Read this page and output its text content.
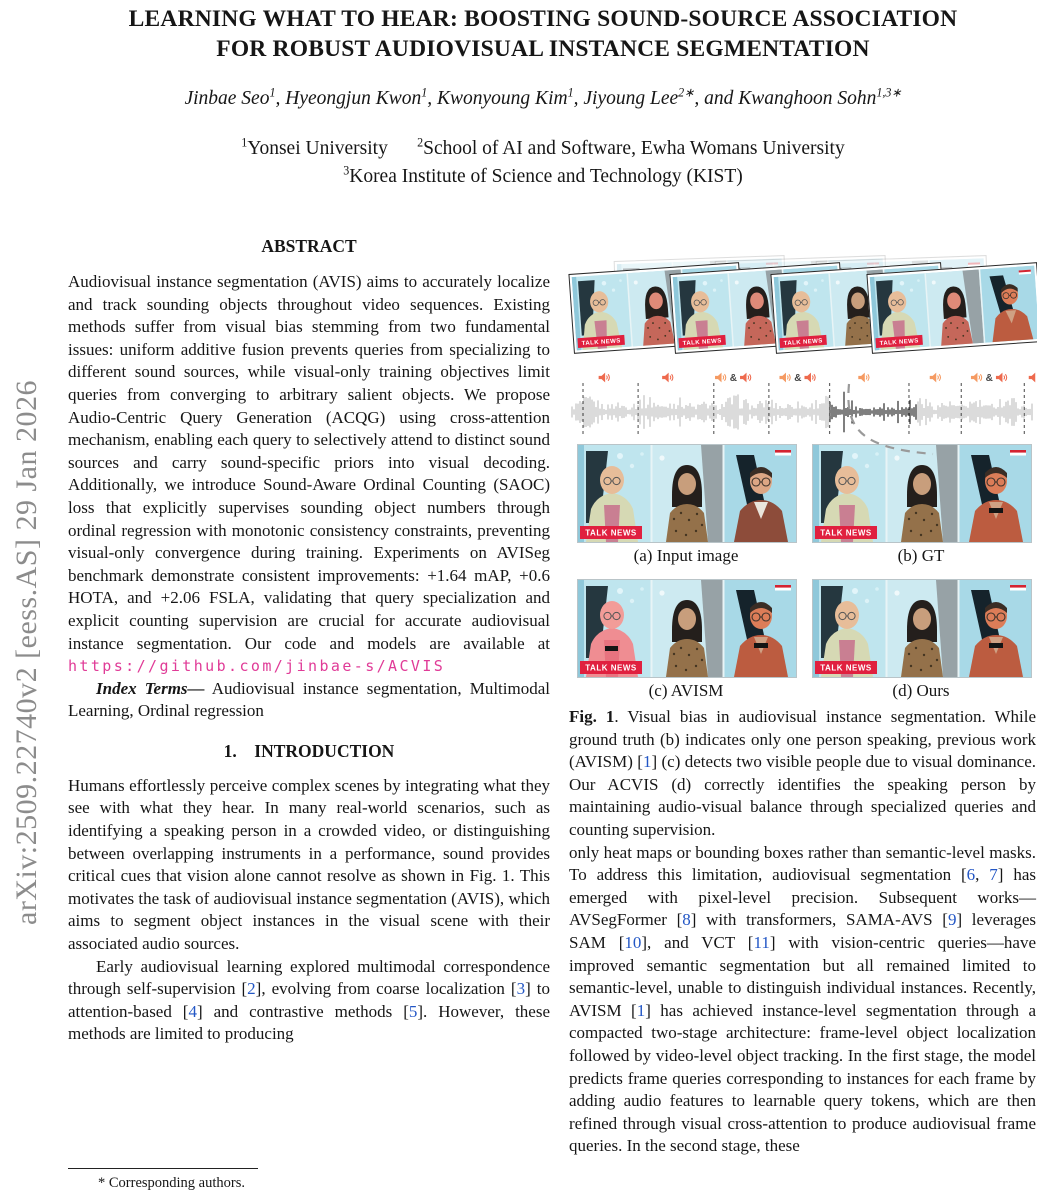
arXiv:2509.22740v2 [eess.AS] 29 Jan 2026
LEARNING WHAT TO HEAR: BOOSTING SOUND-SOURCE ASSOCIATION
FOR ROBUST AUDIOVISUAL INSTANCE SEGMENTATION
Jinbae Seo$^1$, Hyeongjun Kwon$^1$, Kwonyoung Kim$^1$, Jiyoung Lee$^{2∗}$, and Kwanghoon Sohn$^{1,3∗}$
$^1$Yonsei University  $^2$School of AI and Software, Ewha Womans University
$^3$Korea Institute of Science and Technology (KIST)
ABSTRACT

Audiovisual instance segmentation (AVIS) aims to accurately localize and track sounding objects throughout video sequences. Existing methods suffer from visual bias stemming from two fundamental issues: uniform additive fusion prevents queries from specializing to different sound sources, while visual-only training objectives limit queries from converging to arbitrary salient objects. We propose Audio-Centric Query Generation (ACQG) using cross-attention mechanism, enabling each query to selectively attend to distinct sound sources and carry sound-specific priors into visual decoding. Additionally, we introduce Sound-Aware Ordinal Counting (SAOC) loss that explicitly supervises sounding object numbers through ordinal regression with monotonic consistency constraints, preventing visual-only convergence during training. Experiments on AVISeg benchmark demonstrate consistent improvements: +1.64 mAP, +0.6 HOTA, and +2.06 FSLA, validating that query specialization and explicit counting supervision are crucial for accurate audiovisual instance segmentation. Our code and models are available at https://github.com/jinbae-s/ACVIS

Index Terms— Audiovisual instance segmentation, Multimodal Learning, Ordinal regression

1.  INTRODUCTION

Humans effortlessly perceive complex scenes by integrating what they see with what they hear. In many real-world scenarios, such as identifying a speaking person in a crowded video, or distinguishing between overlapping instruments in a performance, sound provides critical cues that vision alone cannot resolve as shown in Fig. 1. This motivates the task of audiovisual instance segmentation (AVIS), which aims to segment object instances in the visual scene with their associated audio sources.

Early audiovisual learning explored multimodal correspondence through self-supervision [2], evolving from coarse localization [3] to attention-based [4] and contrastive methods [5]. However, these methods are limited to producing

&	&	&
(a) Input image	(b) GT
(c) AVISM	(d) Ours

Fig. 1. Visual bias in audiovisual instance segmentation. While ground truth (b) indicates only one person speaking, previous work (AVISM) [1] (c) detects two visible people due to visual dominance. Our ACVIS (d) correctly identifies the speaking person by maintaining audio-visual balance through specialized queries and counting supervision.

only heat maps or bounding boxes rather than semantic-level masks. To address this limitation, audiovisual segmentation [6, 7] has emerged with pixel-level precision. Subsequent works—AVSegFormer [8] with transformers, SAMA-AVS [9] leverages SAM [10], and VCT [11] with vision-centric queries—have improved semantic segmentation but all remained limited to semantic-level, unable to distinguish individual instances. Recently, AVISM [1] has achieved instance-level segmentation through a compacted two-stage architecture: frame-level object localization followed by video-level object tracking. In the first stage, the model predicts frame queries corresponding to instances for each frame by adding audio features to learnable query tokens, which are then refined through visual cross-attention to produce audiovisual frame queries. In the second stage, these

* Corresponding authors.
